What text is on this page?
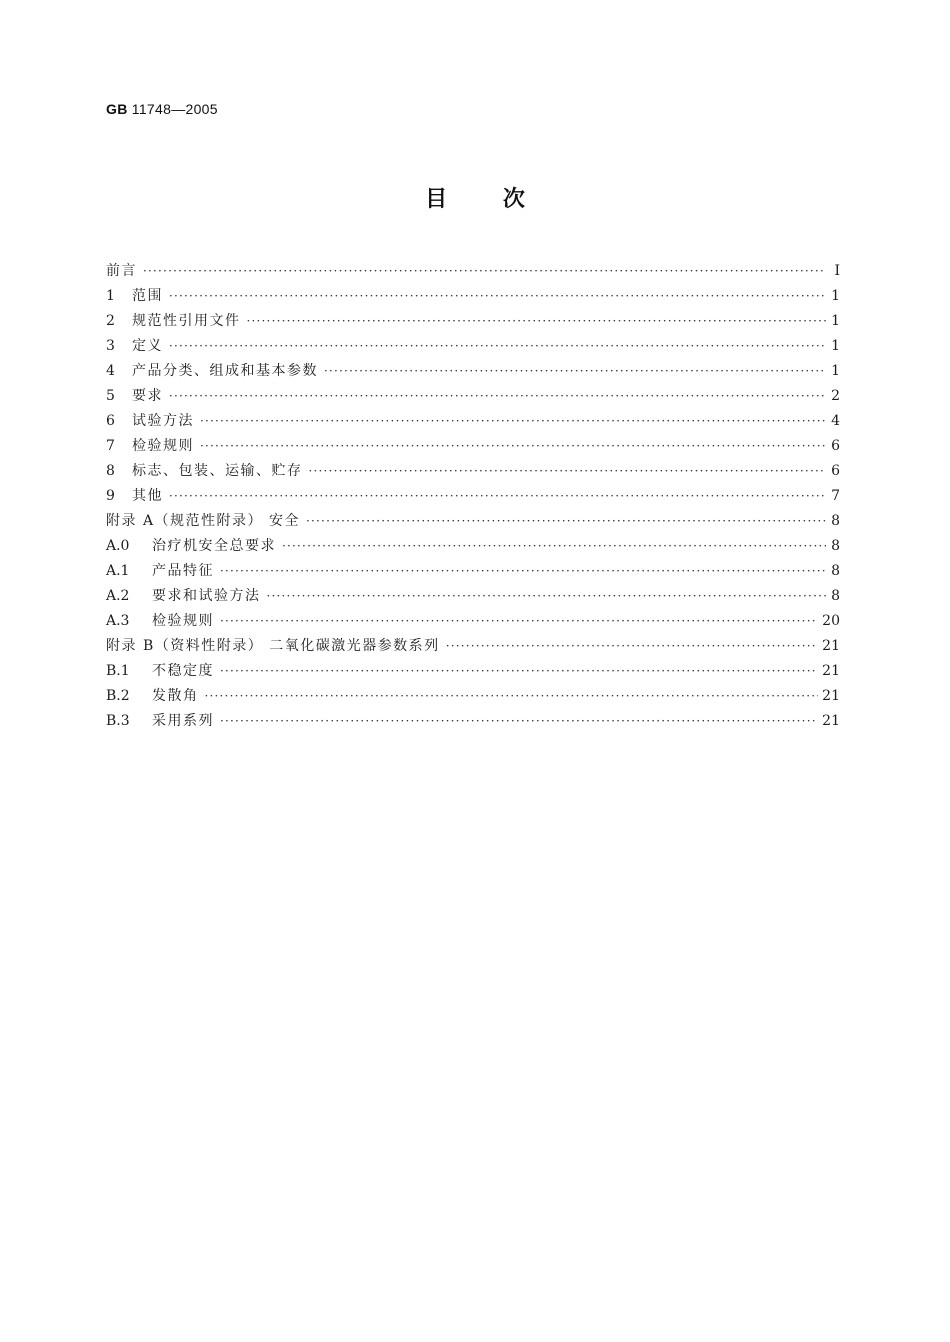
GB 11748—2005
目	次
前言 ·····	I
1	范围 ·····	1
2	规范性引用文件 ·····	1
3	定义 ·····	1
4	产品分类、组成和基本参数 ·····	1
5	要求 ·····	2
6	试验方法 ·····	4
7	检验规则 ·····	6
8	标志、包装、运输、贮存 ·····	6
9	其他 ·····	7
附录 A（规范性附录） 安全 ·····	8
A.0	治疗机安全总要求 ·····	8
A.1	产品特征 ·····	8
A.2	要求和试验方法 ·····	8
A.3	检验规则 ·····	20
附录 B（资料性附录） 二氧化碳激光器参数系列 ·····	21
B.1	不稳定度 ·····	21
B.2	发散角 ·····	21
B.3	采用系列 ·····	21
